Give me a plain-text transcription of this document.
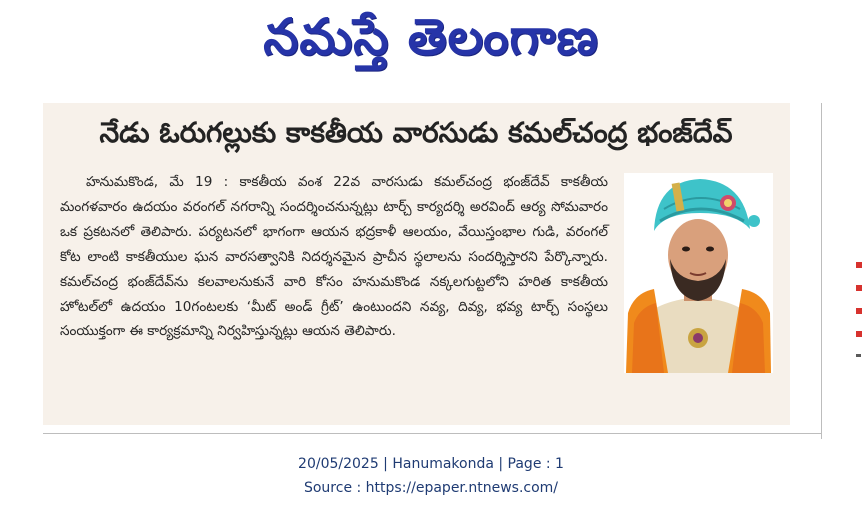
నమస్తే తెలంగాణ
నేడు ఓరుగల్లుకు కాకతీయ వారసుడు కమల్‌చంద్ర భంజ్‌దేవ్
హనుమకొండ, మే 19 : కాకతీయ వంశ 22వ వారసుడు కమల్‌చంద్ర భంజ్‌దేవ్ కాకతీయ మంగళవారం ఉదయం వరంగల్ నగరాన్ని సందర్శించనున్నట్లు టార్చ్ కార్యదర్శి అరవింద్ ఆర్య సోమవారం ఒక ప్రకటనలో తెలిపారు. పర్యటనలో భాగంగా ఆయన భద్రకాళీ ఆలయం, వేయిస్తంభాల గుడి, వరంగల్ కోట లాంటి కాకతీయుల ఘన వారసత్వానికి నిదర్శనమైన ప్రాచీన స్థలాలను సందర్శిస్తారని పేర్కొన్నారు. కమల్‌చంద్ర భంజ్‌దేవ్‌ను కలవాలనుకునే వారి కోసం హనుమకొండ నక్కలగుట్టలోని హరిత కాకతీయ హోటల్‌లో ఉదయం 10గంటలకు ‘మీట్ అండ్ గ్రీట్’ ఉంటుందని నవ్య, దివ్య, భవ్య టార్చ్ సంస్థలు సంయుక్తంగా ఈ కార్యక్రమాన్ని నిర్వహిస్తున్నట్లు ఆయన తెలిపారు.
20/05/2025 | Hanumakonda | Page : 1
Source : https://epaper.ntnews.com/
